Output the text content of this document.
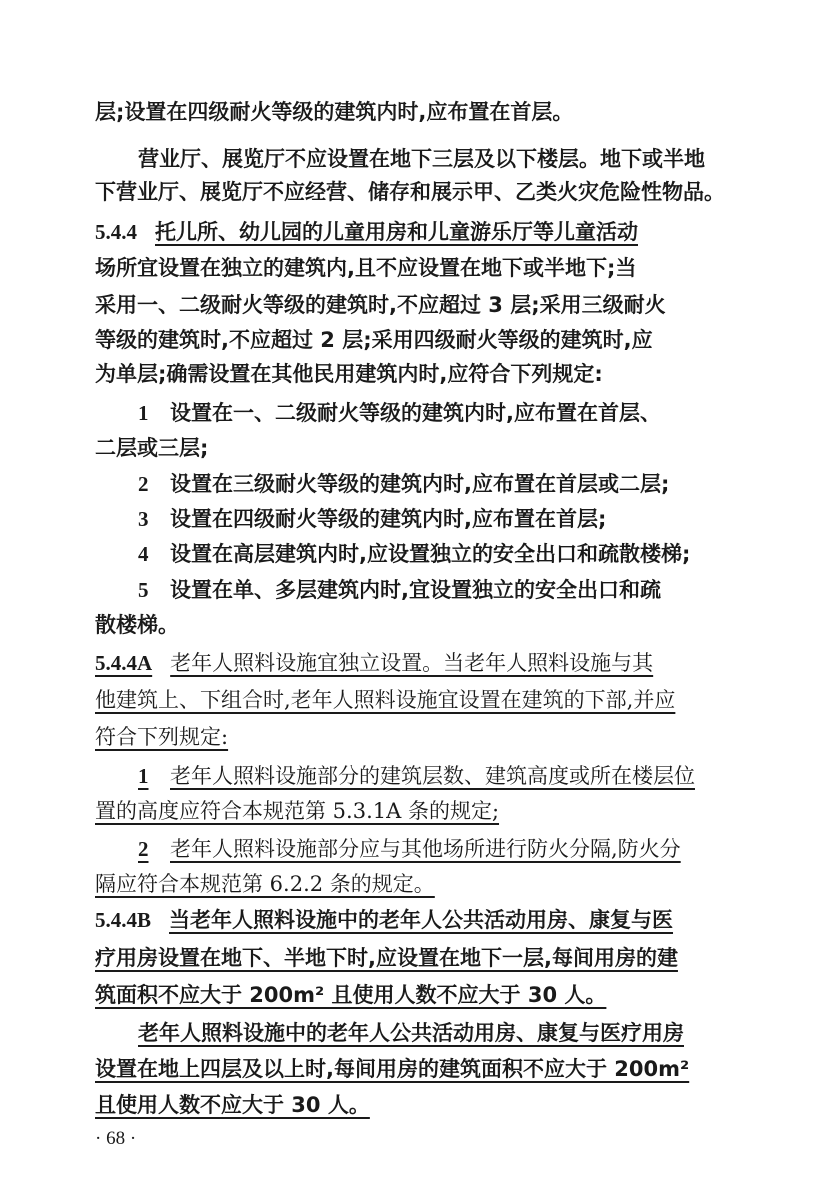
层;设置在四级耐火等级的建筑内时,应布置在首层。
营业厅、展览厅不应设置在地下三层及以下楼层。地下或半地
下营业厅、展览厅不应经营、储存和展示甲、乙类火灾危险性物品。
5.4.4 托儿所、幼儿园的儿童用房和儿童游乐厅等儿童活动
场所宜设置在独立的建筑内,且不应设置在地下或半地下;当
采用一、二级耐火等级的建筑时,不应超过 3 层;采用三级耐火
等级的建筑时,不应超过 2 层;采用四级耐火等级的建筑时,应
为单层;确需设置在其他民用建筑内时,应符合下列规定:
1 设置在一、二级耐火等级的建筑内时,应布置在首层、
二层或三层;
2 设置在三级耐火等级的建筑内时,应布置在首层或二层;
3 设置在四级耐火等级的建筑内时,应布置在首层;
4 设置在高层建筑内时,应设置独立的安全出口和疏散楼梯;
5 设置在单、多层建筑内时,宜设置独立的安全出口和疏
散楼梯。
5.4.4A 老年人照料设施宜独立设置。当老年人照料设施与其
他建筑上、下组合时,老年人照料设施宜设置在建筑的下部,并应
符合下列规定:
1 老年人照料设施部分的建筑层数、建筑高度或所在楼层位
置的高度应符合本规范第 5.3.1A 条的规定;
2 老年人照料设施部分应与其他场所进行防火分隔,防火分
隔应符合本规范第 6.2.2 条的规定。
5.4.4B 当老年人照料设施中的老年人公共活动用房、康复与医
疗用房设置在地下、半地下时,应设置在地下一层,每间用房的建
筑面积不应大于 200m² 且使用人数不应大于 30 人。
老年人照料设施中的老年人公共活动用房、康复与医疗用房
设置在地上四层及以上时,每间用房的建筑面积不应大于 200m²
且使用人数不应大于 30 人。
· 68 ·
